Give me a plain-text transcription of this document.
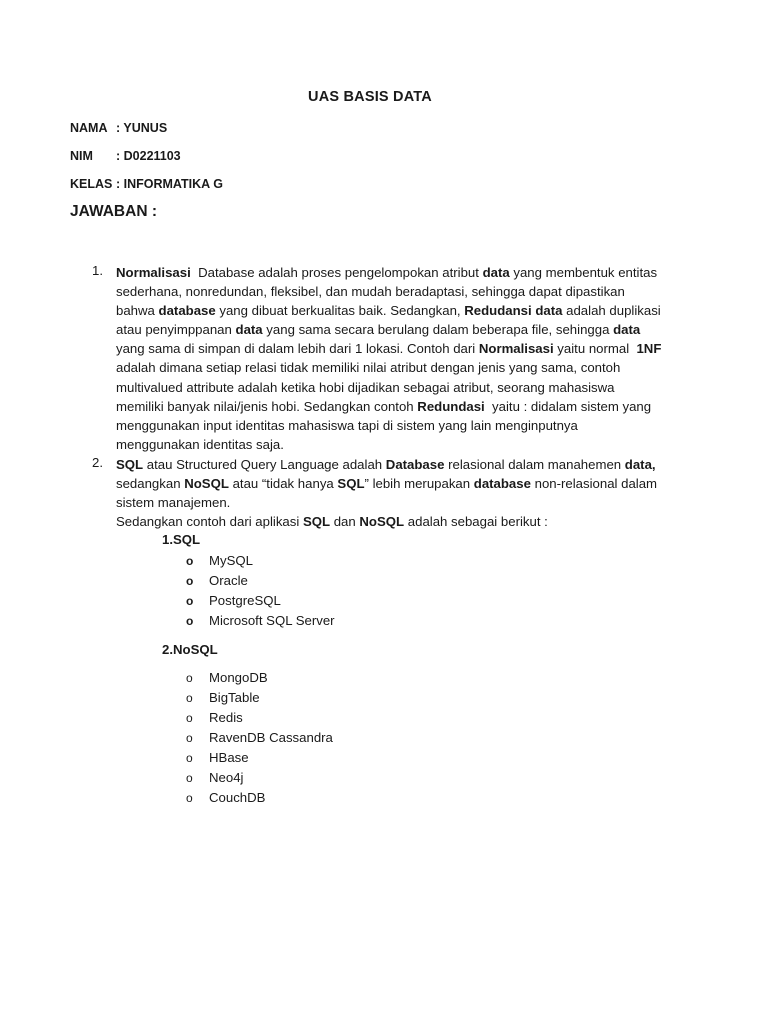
UAS BASIS DATA
NAMA : YUNUS
NIM : D0221103
KELAS : INFORMATIKA G
JAWABAN :
1. Normalisasi  Database adalah proses pengelompokan atribut data yang membentuk entitas
sederhana, nonredundan, fleksibel, dan mudah beradaptasi, sehingga dapat dipastikan
bahwa database yang dibuat berkualitas baik. Sedangkan, Redudansi data adalah duplikasi
atau penyimppanan data yang sama secara berulang dalam beberapa file, sehingga data
yang sama di simpan di dalam lebih dari 1 lokasi. Contoh dari Normalisasi yaitu normal  1NF
adalah dimana setiap relasi tidak memiliki nilai atribut dengan jenis yang sama, contoh
multivalued attribute adalah ketika hobi dijadikan sebagai atribut, seorang mahasiswa
memiliki banyak nilai/jenis hobi. Sedangkan contoh Redundasi  yaitu : didalam sistem yang
menggunakan input identitas mahasiswa tapi di sistem yang lain menginputnya
menggunakan identitas saja.
2. SQL atau Structured Query Language adalah Database relasional dalam manahemen data,
sedangkan NoSQL atau “tidak hanya SQL” lebih merupakan database non-relasional dalam
sistem manajemen.
Sedangkan contoh dari aplikasi SQL dan NoSQL adalah sebagai berikut :
1.SQL
o MySQL
o Oracle
o PostgreSQL
o Microsoft SQL Server
2.NoSQL
o MongoDB
o BigTable
o Redis
o RavenDB Cassandra
o HBase
o Neo4j
o CouchDB
